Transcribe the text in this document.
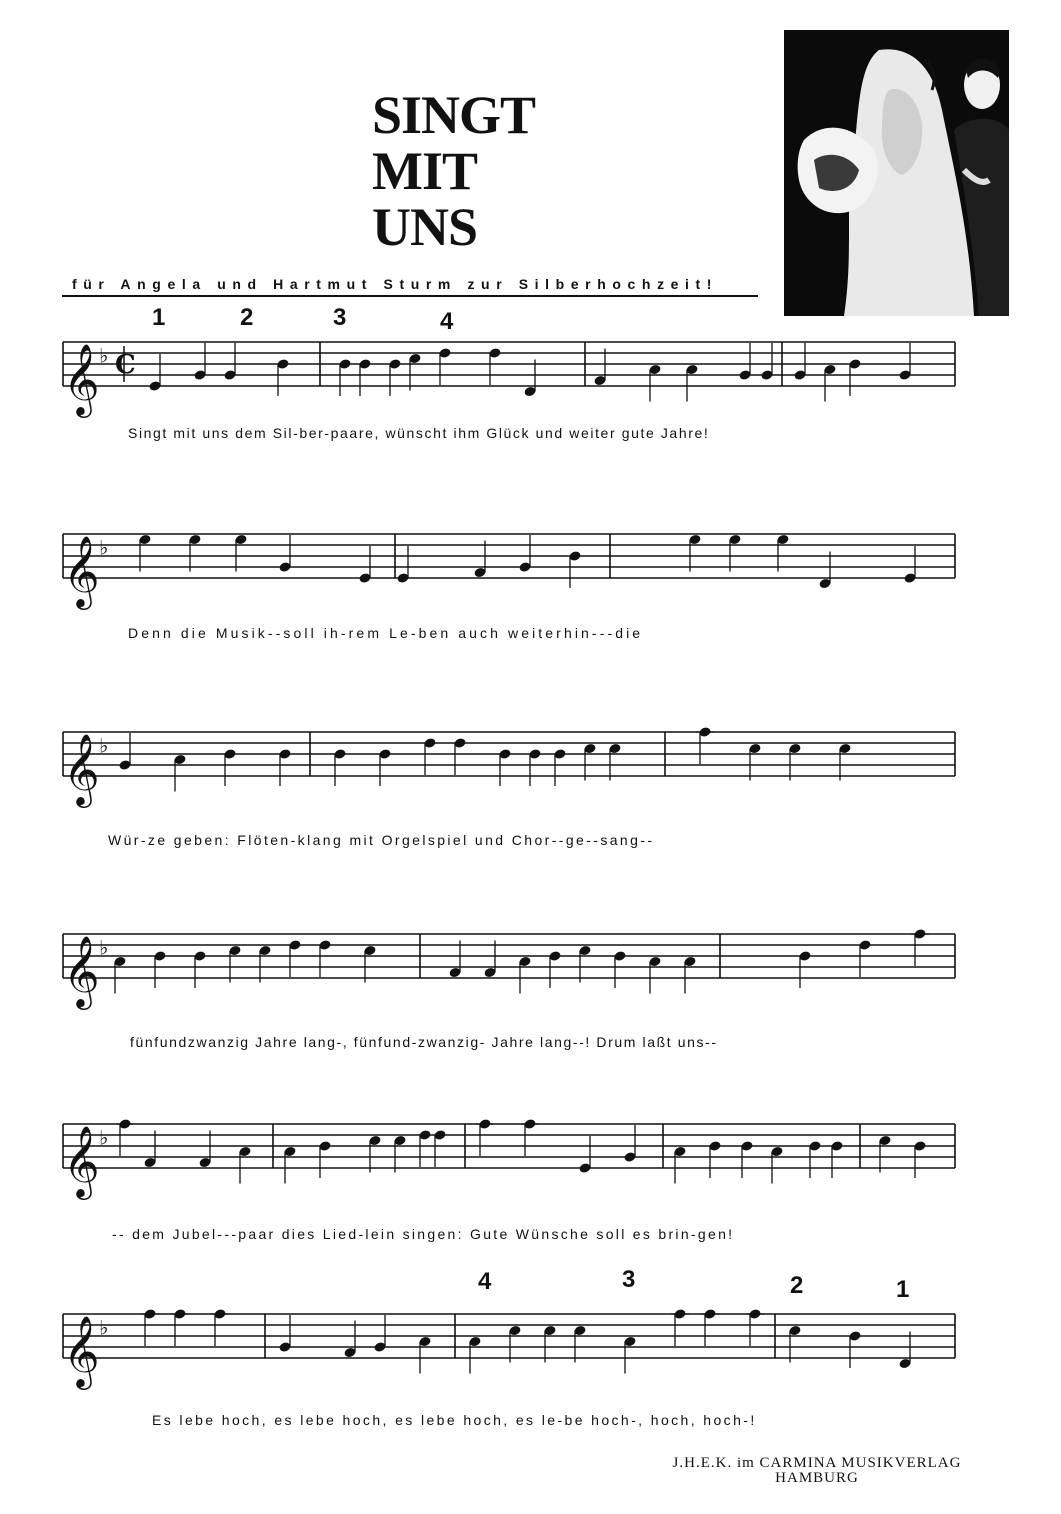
SINGT
MIT
UNS
für Angela und Hartmut Sturm zur Silberhochzeit!
1	2	3	4
𝄞 ♭ C
Singt mit uns dem Sil-ber-paare, wünscht ihm Glück und weiter gute Jahre!
𝄞 ♭
Denn die Musik--soll ih-rem Le-ben auch weiterhin---die
𝄞 ♭
Wür-ze geben: Flöten-klang mit Orgelspiel und Chor--ge--sang--
𝄞 ♭
fünfundzwanzig Jahre lang-, fünfund-zwanzig- Jahre lang--! Drum laßt uns--
𝄞 ♭
-- dem Jubel---paar dies Lied-lein singen: Gute Wünsche soll es brin-gen!
4	3	2	1
𝄞 ♭
Es lebe hoch, es lebe hoch, es lebe hoch, es le-be hoch-, hoch, hoch-!
J.H.E.K. im CARMINA MUSIKVERLAG
HAMBURG
